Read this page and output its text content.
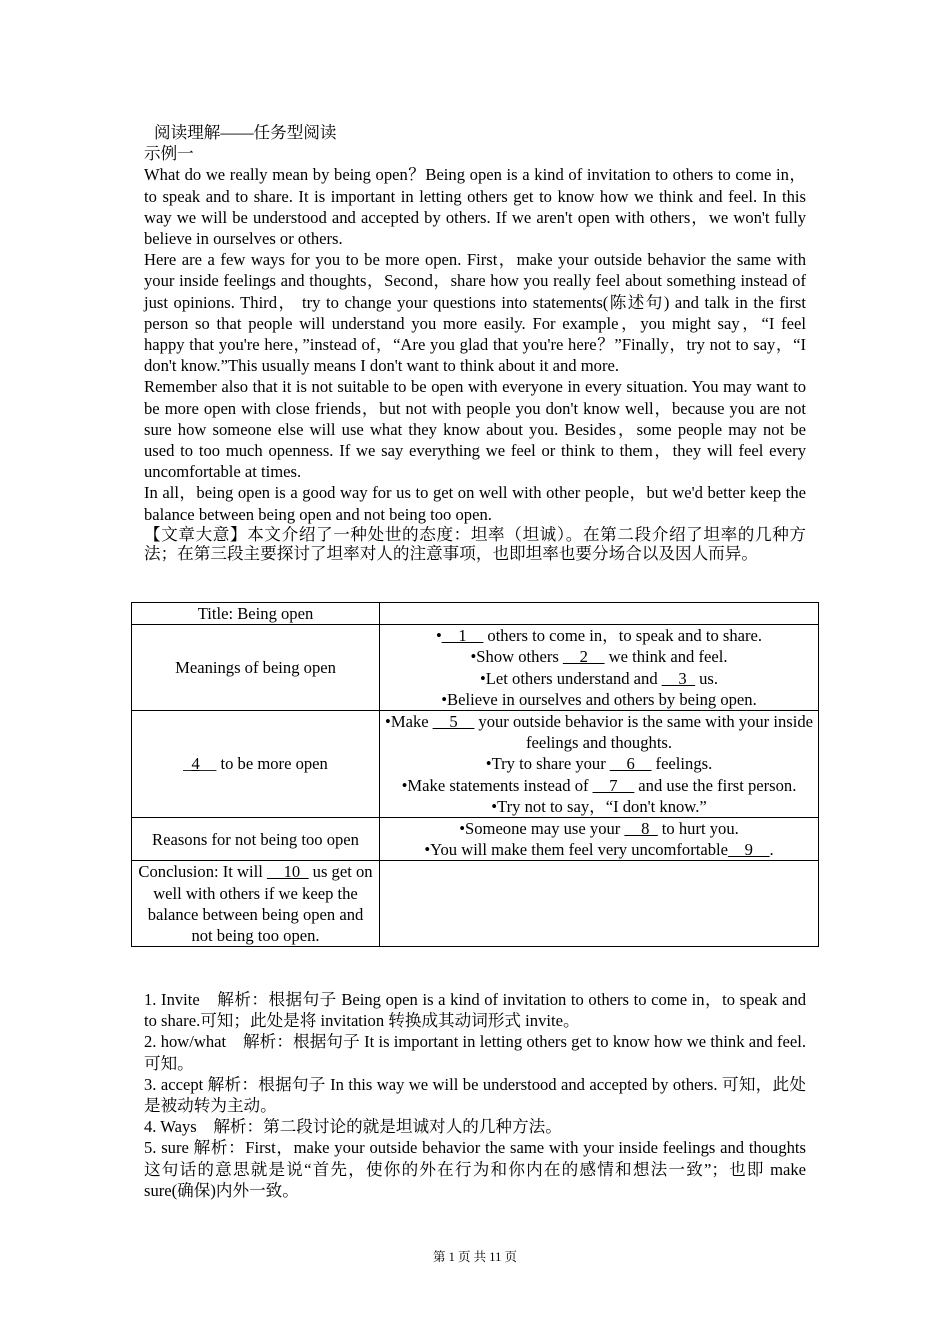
阅读理解——任务型阅读
示例一
What do we really mean by being open？Being open is a kind of invitation to others to come in，to speak and to share. It is important in letting others get to know how we think and feel. In this way we will be understood and accepted by others. If we aren't open with others，we won't fully believe in ourselves or others.
Here are a few ways for you to be more open. First，make your outside behavior the same with your inside feelings and thoughts，Second，share how you really feel about something instead of just opinions. Third， try to change your questions into statements(陈述句) and talk in the first person so that people will understand you more easily. For example，you might say，“I feel happy that you're here，”instead of，“Are you glad that you're here？”Finally，try not to say，“I don't know.”This usually means I don't want to think about it and more.
Remember also that it is not suitable to be open with everyone in every situation. You may want to be more open with close friends，but not with people you don't know well，because you are not sure how someone else will use what they know about you. Besides，some people may not be used to too much openness. If we say everything we feel or think to them，they will feel every uncomfortable at times.
In all，being open is a good way for us to get on well with other people，but we'd better keep the balance between being open and not being too open.
【文章大意】本文介绍了一种处世的态度：坦率（坦诚）。在第二段介绍了坦率的几种方法；在第三段主要探讨了坦率对人的注意事项，也即坦率也要分场合以及因人而异。
Title: Being open	
Meanings of being open	•__1__ others to come in，to speak and to share.
•Show others __2__ we think and feel.
•Let others understand and __3_ us.
•Believe in ourselves and others by being open.

_4__ to be more open	•Make __5__ your outside behavior is the same with your inside feelings and thoughts.
•Try to share your __6__ feelings.
•Make statements instead of __7__ and use the first person.
•Try not to say，“I don't know.”

Reasons for not being too open	•Someone may use your __8_ to hurt you.
•You will make them feel very uncomfortable__9__.

Conclusion: It will __10_ us get on well with others if we keep the balance between being open and not being too open.	
1. Invite　解析：根据句子 Being open is a kind of invitation to others to come in，to speak and to share.可知；此处是将 invitation 转换成其动词形式 invite。
2. how/what　解析：根据句子 It is important in letting others get to know how we think and feel. 可知。
3. accept 解析：根据句子 In this way we will be understood and accepted by others. 可知，此处是被动转为主动。
4. Ways　解析：第二段讨论的就是坦诚对人的几种方法。
5. sure 解析：First，make your outside behavior the same with your inside feelings and thoughts 这句话的意思就是说“首先，使你的外在行为和你内在的感情和想法一致”；也即 make sure(确保)内外一致。
第 1 页 共 11 页
